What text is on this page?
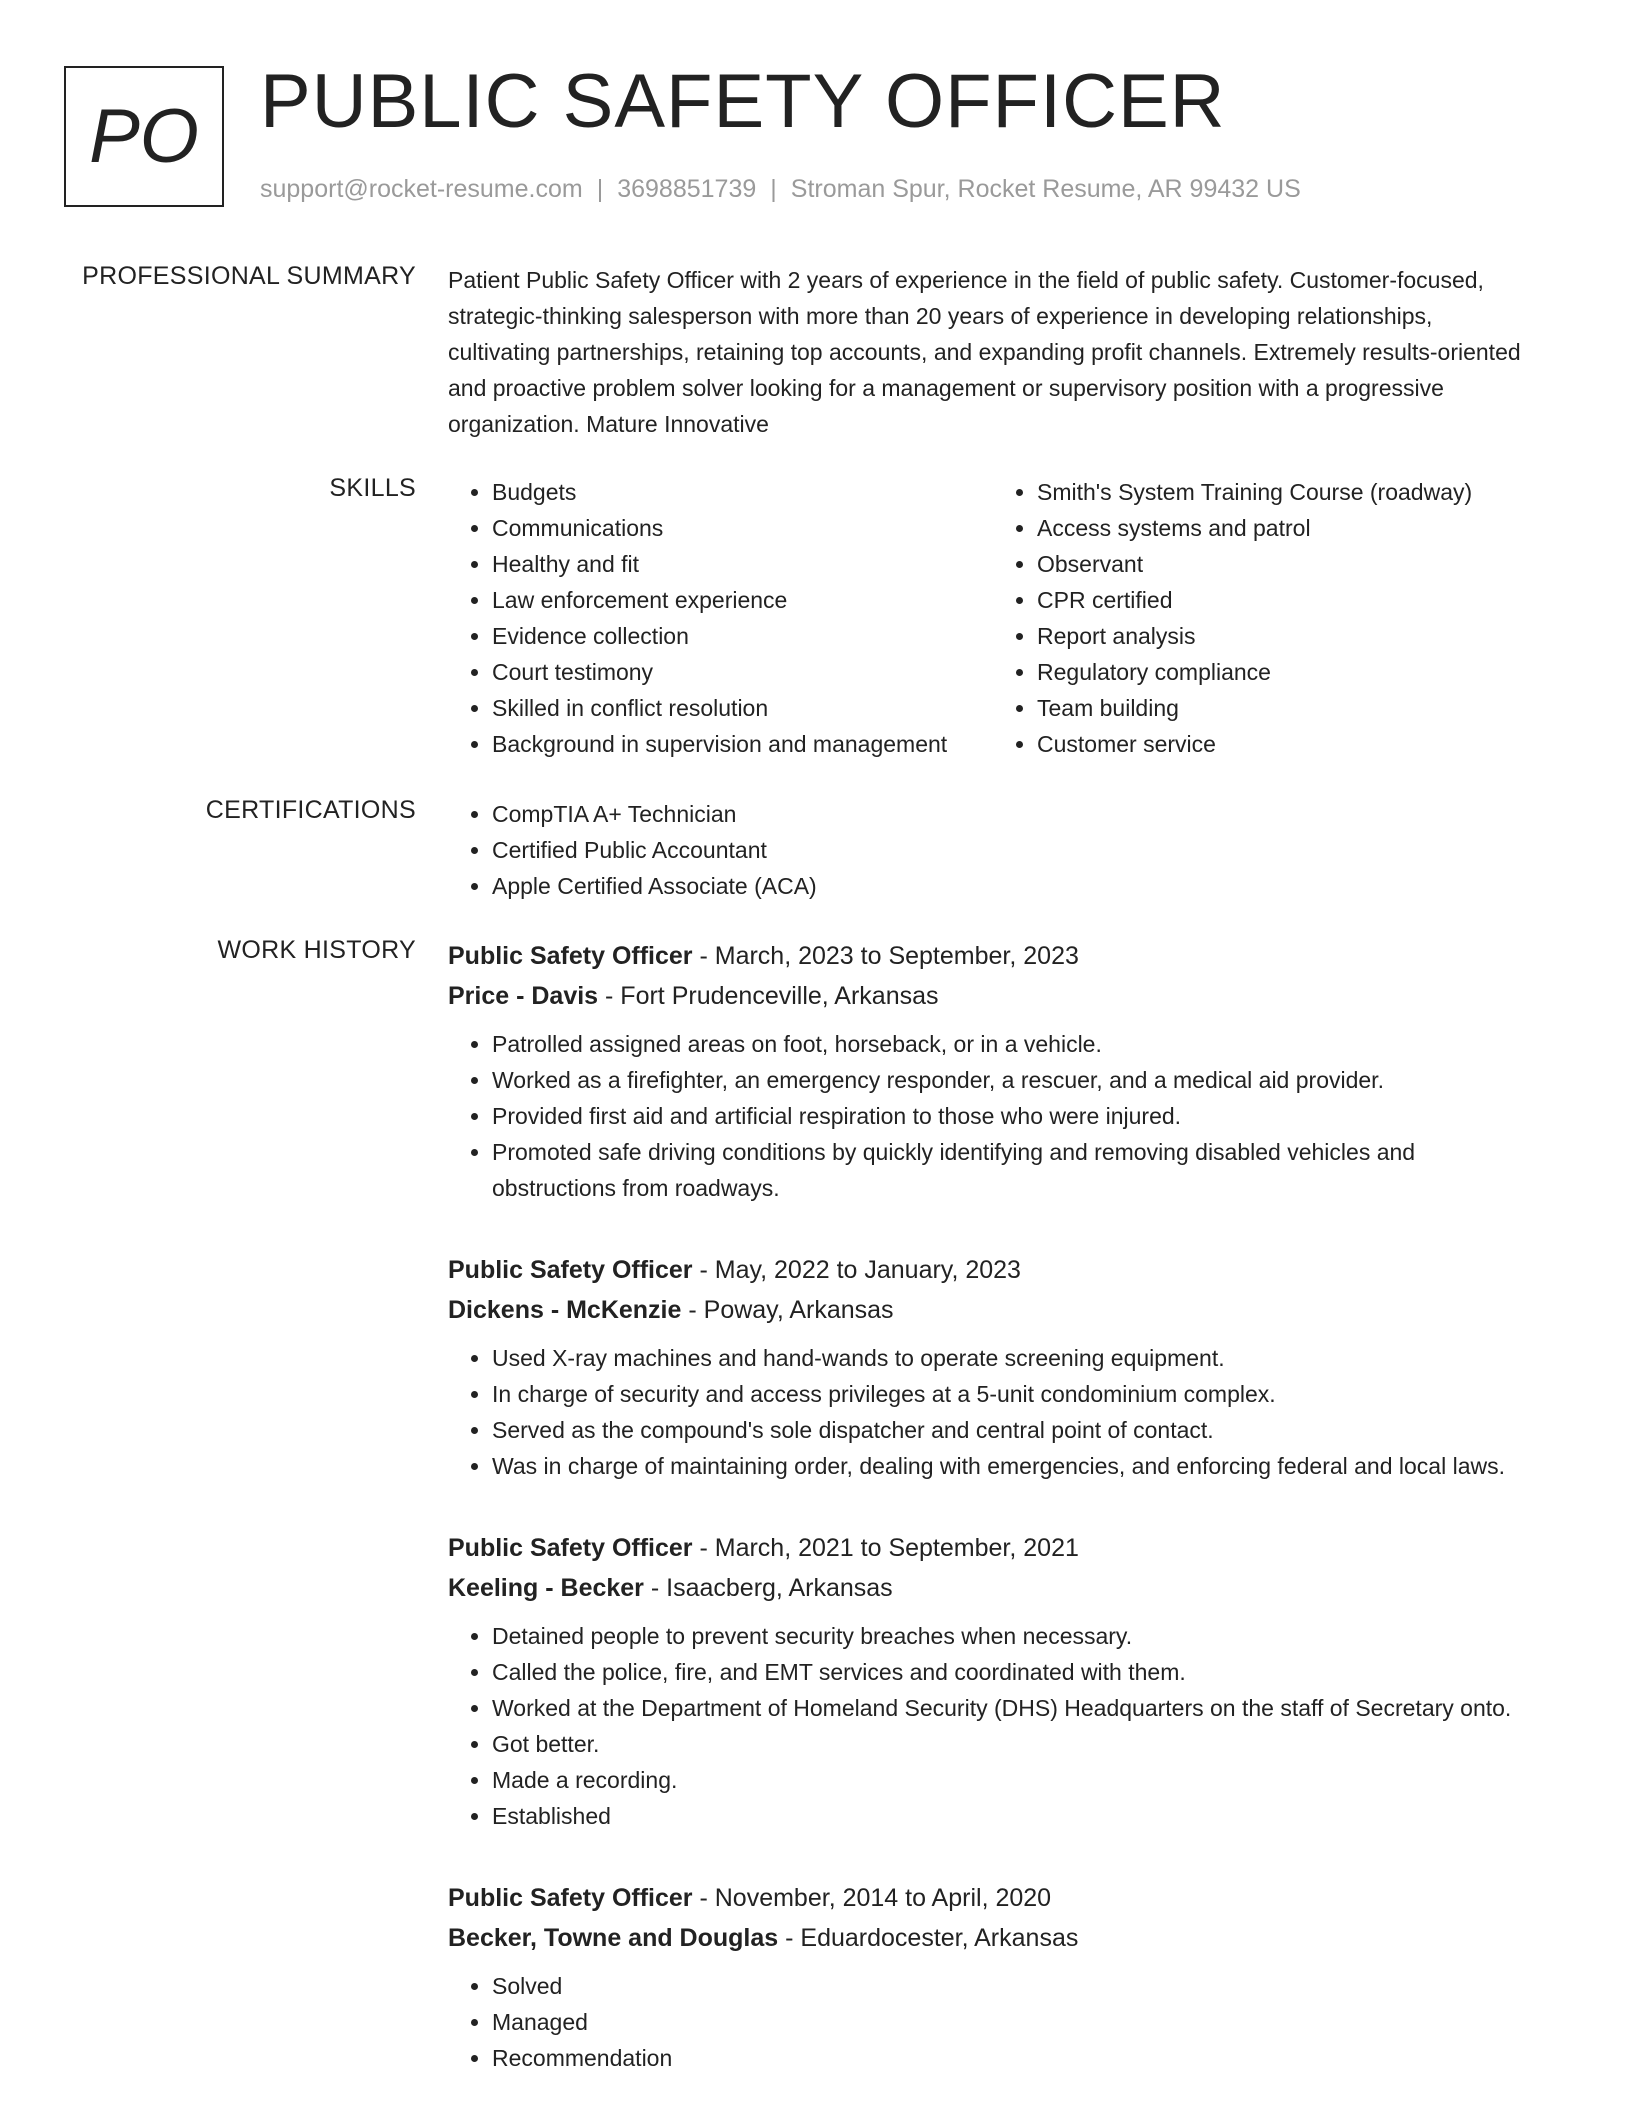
PO PUBLIC SAFETY OFFICER
support@rocket-resume.com | 3698851739 | Stroman Spur, Rocket Resume, AR 99432 US
PROFESSIONAL SUMMARY Patient Public Safety Officer with 2 years of experience in the field of public safety. Customer-focused, strategic-thinking salesperson with more than 20 years of experience in developing relationships, cultivating partnerships, retaining top accounts, and expanding profit channels. Extremely results-oriented and proactive problem solver looking for a management or supervisory position with a progressive organization. Mature Innovative
SKILLS	• Budgets
• Communications
• Healthy and fit
• Law enforcement experience
• Evidence collection
• Court testimony
• Skilled in conflict resolution
• Background in supervision and management
• Smith's System Training Course (roadway)
• Access systems and patrol
• Observant
• CPR certified
• Report analysis
• Regulatory compliance
• Team building
• Customer service
CERTIFICATIONS	• CompTIA A+ Technician
• Certified Public Accountant
• Apple Certified Associate (ACA)
WORK HISTORY Public Safety Officer - March, 2023 to September, 2023
Price - Davis - Fort Prudenceville, Arkansas
• Patrolled assigned areas on foot, horseback, or in a vehicle.
• Worked as a firefighter, an emergency responder, a rescuer, and a medical aid provider.
• Provided first aid and artificial respiration to those who were injured.
• Promoted safe driving conditions by quickly identifying and removing disabled vehicles and obstructions from roadways.
Public Safety Officer - May, 2022 to January, 2023
Dickens - McKenzie - Poway, Arkansas
• Used X-ray machines and hand-wands to operate screening equipment.
• In charge of security and access privileges at a 5-unit condominium complex.
• Served as the compound's sole dispatcher and central point of contact.
• Was in charge of maintaining order, dealing with emergencies, and enforcing federal and local laws.
Public Safety Officer - March, 2021 to September, 2021
Keeling - Becker - Isaacberg, Arkansas
• Detained people to prevent security breaches when necessary.
• Called the police, fire, and EMT services and coordinated with them.
• Worked at the Department of Homeland Security (DHS) Headquarters on the staff of Secretary onto.
• Got better.
• Made a recording.
• Established
Public Safety Officer - November, 2014 to April, 2020
Becker, Towne and Douglas - Eduardocester, Arkansas
• Solved
• Managed
• Recommendation
